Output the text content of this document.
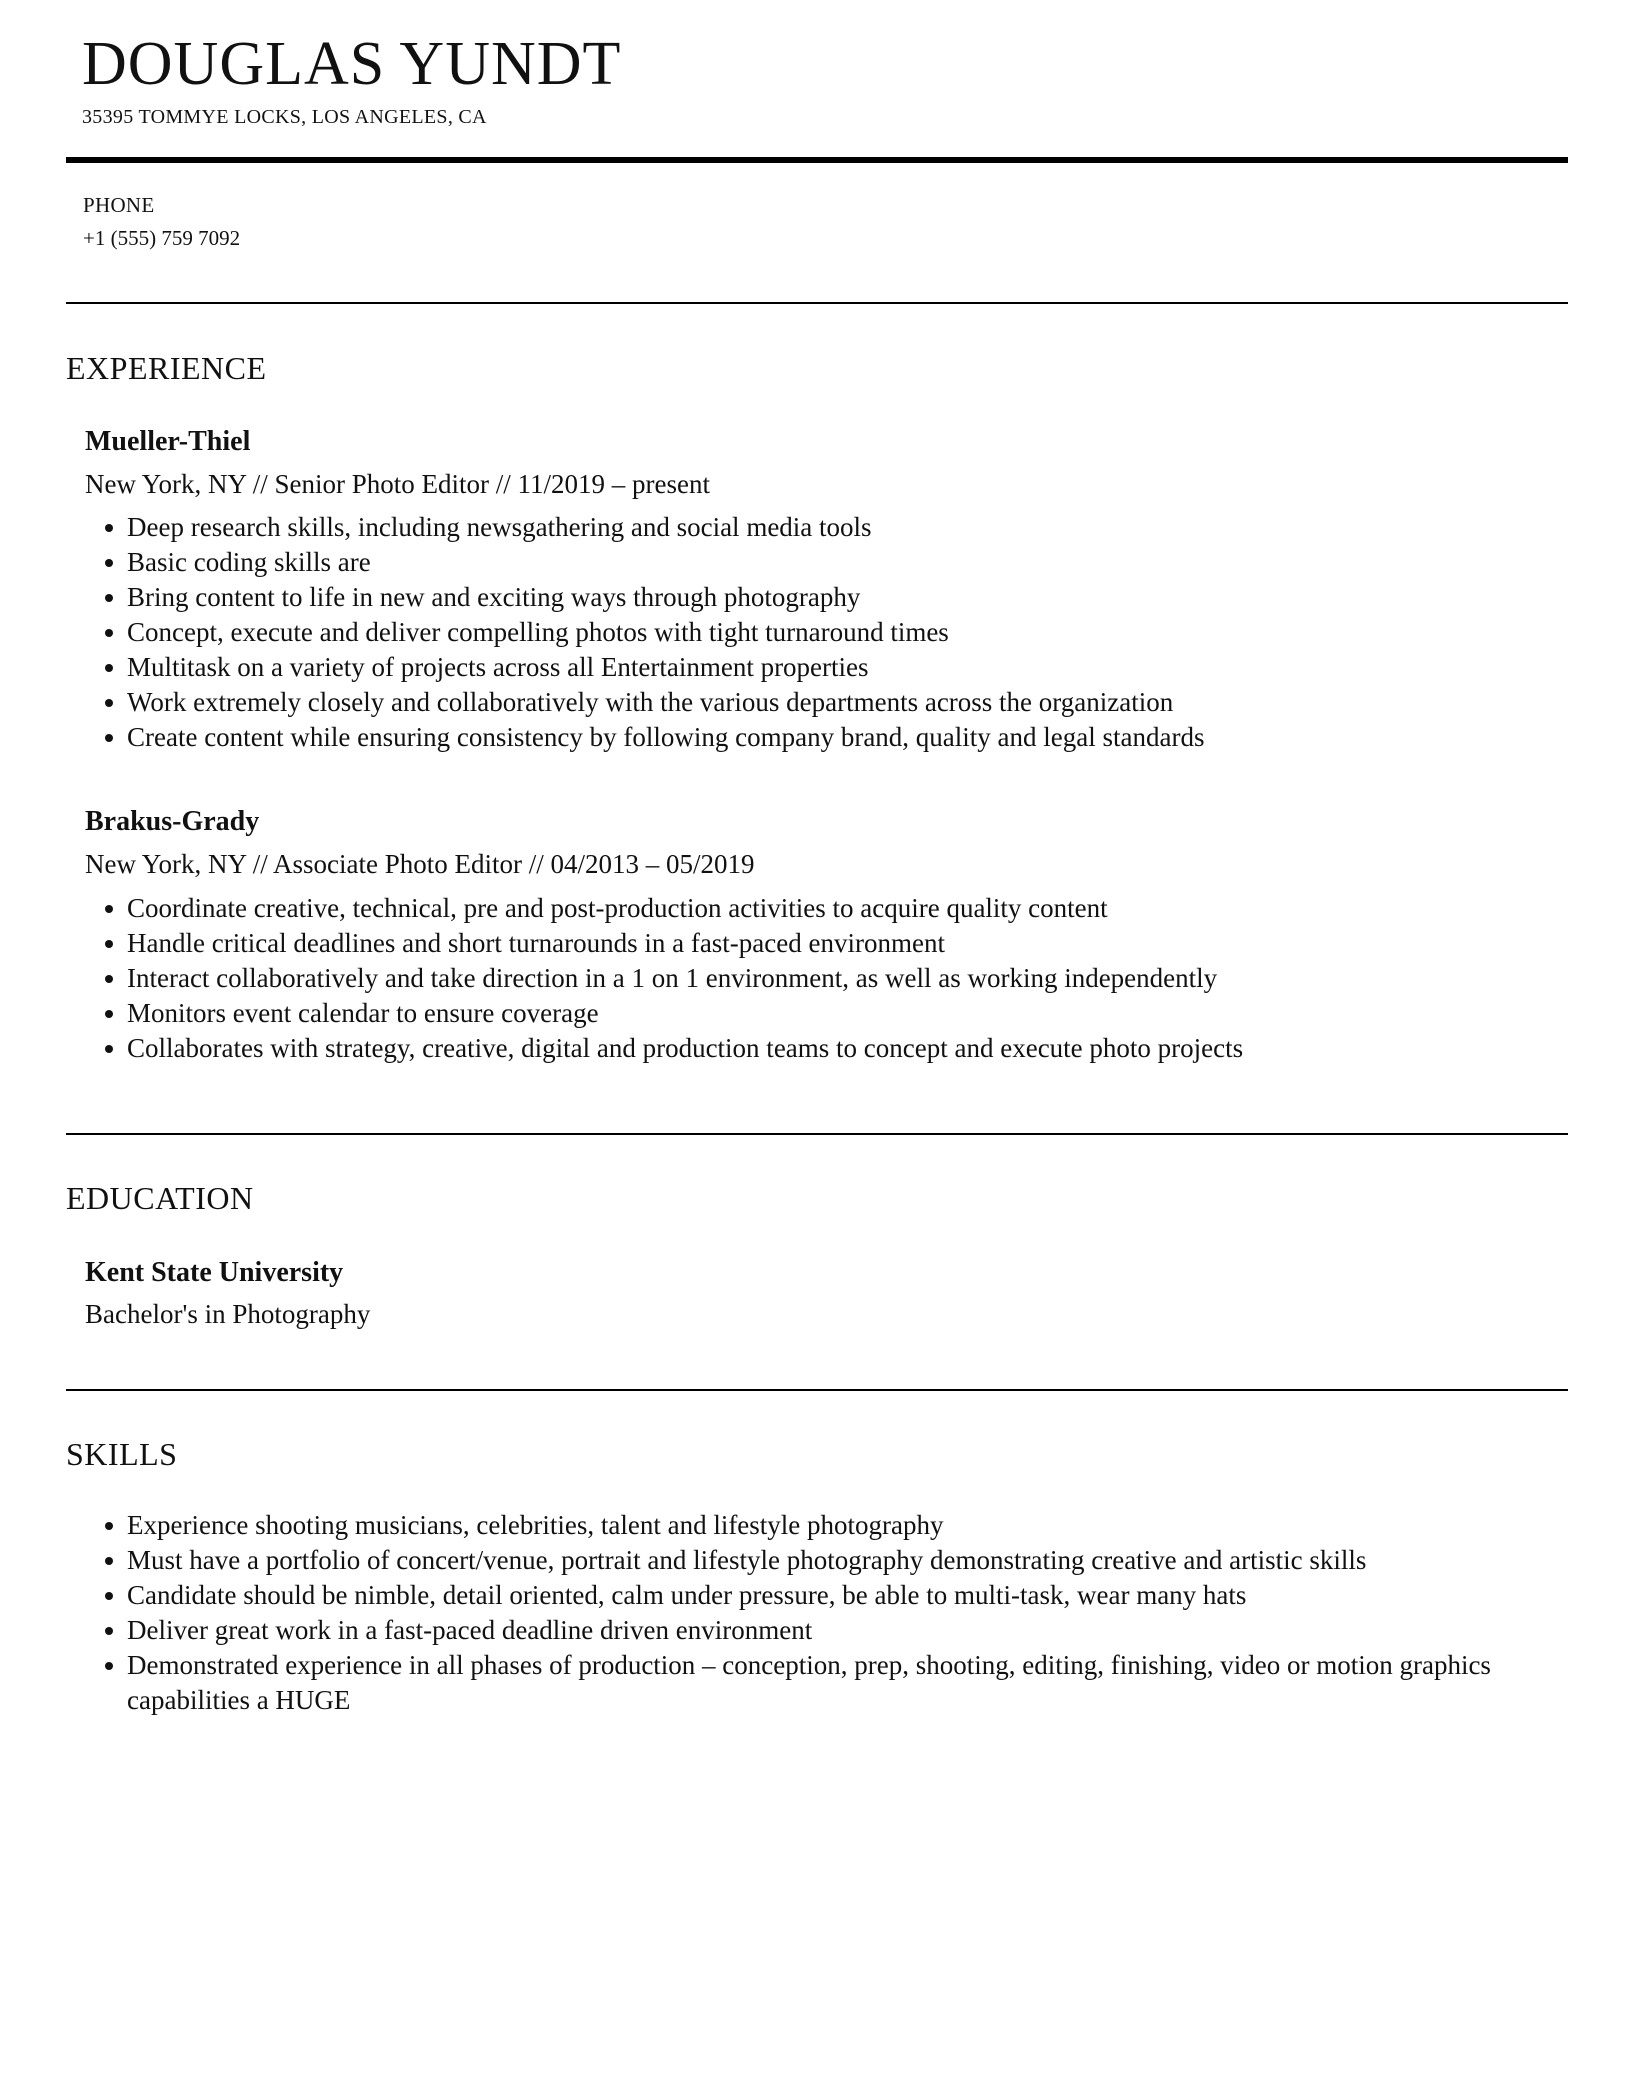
DOUGLAS YUNDT
35395 TOMMYE LOCKS, LOS ANGELES, CA
PHONE
+1 (555) 759 7092
EXPERIENCE
Mueller-Thiel
New York, NY // Senior Photo Editor // 11/2019 – present
Deep research skills, including newsgathering and social media tools
Basic coding skills are
Bring content to life in new and exciting ways through photography
Concept, execute and deliver compelling photos with tight turnaround times
Multitask on a variety of projects across all Entertainment properties
Work extremely closely and collaboratively with the various departments across the organization
Create content while ensuring consistency by following company brand, quality and legal standards
Brakus-Grady
New York, NY // Associate Photo Editor // 04/2013 – 05/2019
Coordinate creative, technical, pre and post-production activities to acquire quality content
Handle critical deadlines and short turnarounds in a fast-paced environment
Interact collaboratively and take direction in a 1 on 1 environment, as well as working independently
Monitors event calendar to ensure coverage
Collaborates with strategy, creative, digital and production teams to concept and execute photo projects
EDUCATION
Kent State University
Bachelor's in Photography
SKILLS
Experience shooting musicians, celebrities, talent and lifestyle photography
Must have a portfolio of concert/venue, portrait and lifestyle photography demonstrating creative and artistic skills
Candidate should be nimble, detail oriented, calm under pressure, be able to multi-task, wear many hats
Deliver great work in a fast-paced deadline driven environment
Demonstrated experience in all phases of production – conception, prep, shooting, editing, finishing, video or motion graphics capabilities a HUGE
